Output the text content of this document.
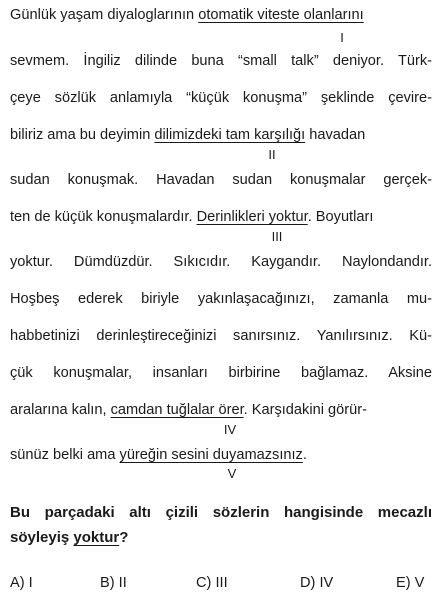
Günlük yaşam diyaloglarının otomatik viteste olanlarını
I
sevmem. İngiliz dilinde buna “small talk” deniyor. Türk-
çeye sözlük anlamıyla “küçük konuşma” şeklinde çevire-
biliriz ama bu deyimin dilimizdeki tam karşılığı havadan
II
sudan konuşmak. Havadan sudan konuşmalar gerçek-
ten de küçük konuşmalardır. Derinlikleri yoktur. Boyutları
III
yoktur. Dümdüzdür. Sıkıcıdır. Kaygandır. Naylondandır.
Hoşbeş ederek biriyle yakınlaşacağınızı, zamanla mu-
habbetinizi derinleştireceğinizi sanırsınız. Yanılırsınız. Kü-
çük konuşmalar, insanları birbirine bağlamaz. Aksine
aralarına kalın, camdan tuğlalar örer. Karşıdakini görür-
IV
sünüz belki ama yüreğin sesini duyamazsınız.
V
Bu parçadaki altı çizili sözlerin hangisinde mecazlı
söyleyiş yoktur?
A) I	B) II	C) III	D) IV	E) V
